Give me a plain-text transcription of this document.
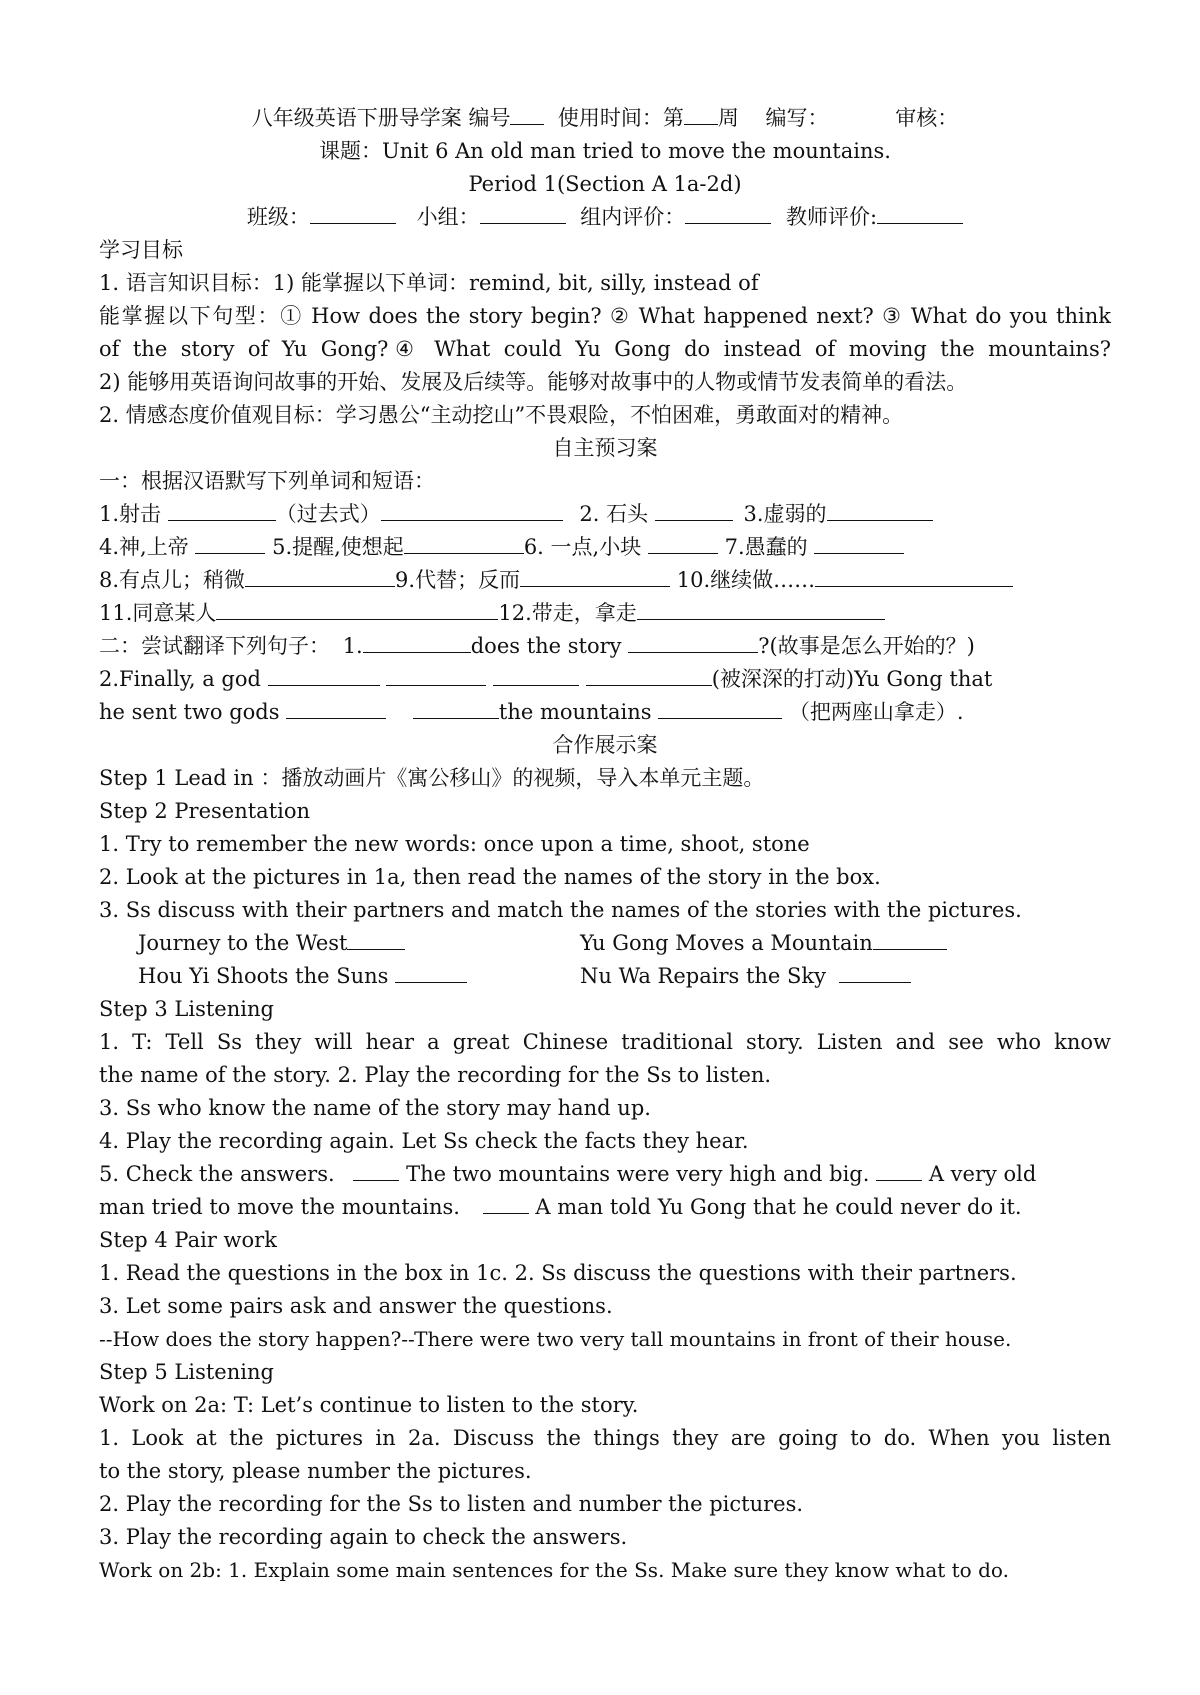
八年级英语下册导学案 编号 使用时间：第 周 编写：	审核：
课题：Unit 6 An old man tried to move the mountains.
Period 1(Section A 1a-2d)
班级：	小组：	组内评价：	教师评价:
学习目标
1. 语言知识目标：1) 能掌握以下单词：remind, bit, silly, instead of
能掌握以下句型：① How does the story begin? ② What happened next? ③ What do you think
of the story of Yu Gong?④ What could Yu Gong do instead of moving the mountains?
2) 能够用英语询问故事的开始、发展及后续等。能够对故事中的人物或情节发表简单的看法。
2. 情感态度价值观目标：学习愚公“主动挖山”不畏艰险，不怕困难，勇敢面对的精神。
自主预习案
一：根据汉语默写下列单词和短语：
1.射击	（过去式）	2. 石头	3.虚弱的
4.神,上帝	5.提醒,使想起	6. 一点,小块	7.愚蠢的
8.有点儿；稍微	9.代替；反而	10.继续做……
11.同意某人	12.带走，拿走
二：尝试翻译下列句子： 1.	does the story	?(故事是怎么开始的？)
2.Finally, a god	(被深深的打动)Yu Gong that
he sent two gods	the mountains	（把两座山拿走）.
合作展示案
Step 1 Lead in ：播放动画片《寓公移山》的视频，导入本单元主题。
Step 2 Presentation
1. Try to remember the new words: once upon a time, shoot, stone
2. Look at the pictures in 1a, then read the names of the story in the box.
3. Ss discuss with their partners and match the names of the stories with the pictures.
Journey to the West	Yu Gong Moves a Mountain
Hou Yi Shoots the Suns	Nu Wa Repairs the Sky
Step 3 Listening
1. T: Tell Ss they will hear a great Chinese traditional story. Listen and see who know
the name of the story. 2. Play the recording for the Ss to listen.
3. Ss who know the name of the story may hand up.
4. Play the recording again. Let Ss check the facts they hear.
5. Check the answers.	The two mountains were very high and big.	A very old
man tried to move the mountains.	A man told Yu Gong that he could never do it.
Step 4 Pair work
1. Read the questions in the box in 1c. 2. Ss discuss the questions with their partners.
3. Let some pairs ask and answer the questions.
--How does the story happen?--There were two very tall mountains in front of their house.
Step 5 Listening
Work on 2a: T: Let’s continue to listen to the story.
1. Look at the pictures in 2a. Discuss the things they are going to do. When you listen
to the story, please number the pictures.
2. Play the recording for the Ss to listen and number the pictures.
3. Play the recording again to check the answers.
Work on 2b: 1. Explain some main sentences for the Ss. Make sure they know what to do.
